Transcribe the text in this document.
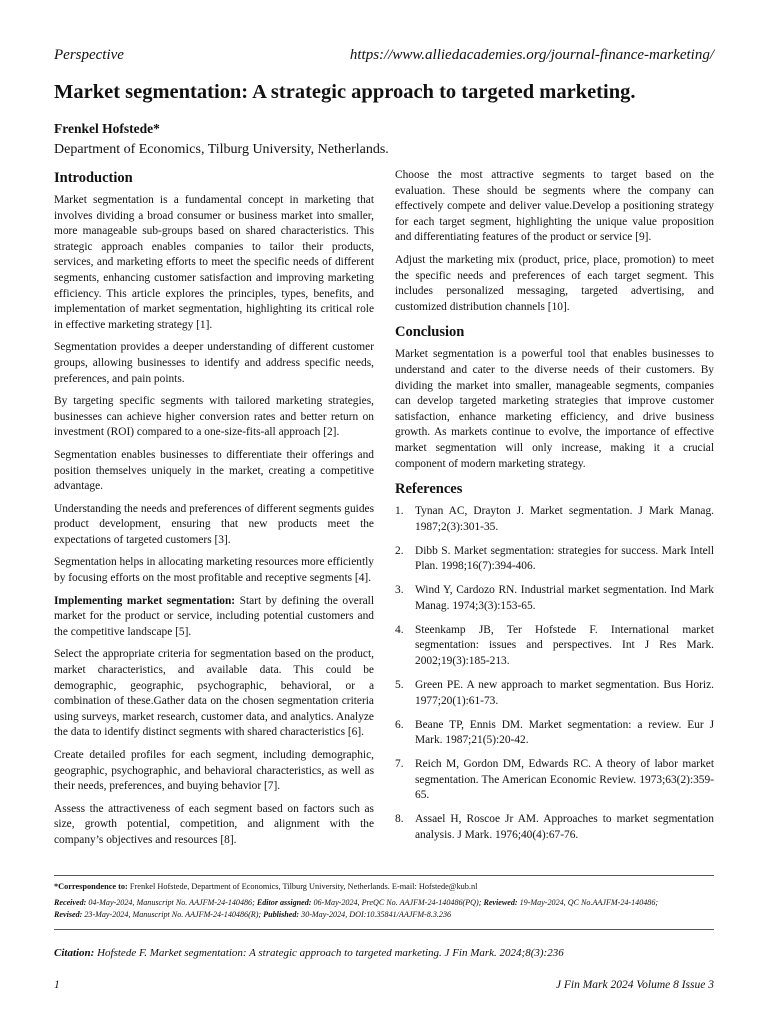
Perspective	https://www.alliedacademies.org/journal-finance-marketing/
Market segmentation: A strategic approach to targeted marketing.
Frenkel Hofstede*
Department of Economics, Tilburg University, Netherlands.
Introduction

Market segmentation is a fundamental concept in marketing that involves dividing a broad consumer or business market into smaller, more manageable sub-groups based on shared characteristics. This strategic approach enables companies to tailor their products, services, and marketing efforts to meet the specific needs of different segments, enhancing customer satisfaction and improving marketing efficiency. This article explores the principles, types, benefits, and implementation of market segmentation, highlighting its critical role in effective marketing strategy [1].

Segmentation provides a deeper understanding of different customer groups, allowing businesses to identify and address specific needs, preferences, and pain points.

By targeting specific segments with tailored marketing strategies, businesses can achieve higher conversion rates and better return on investment (ROI) compared to a one-size-fits-all approach [2].

Segmentation enables businesses to differentiate their offerings and position themselves uniquely in the market, creating a competitive advantage.

Understanding the needs and preferences of different segments guides product development, ensuring that new products meet the expectations of targeted customers [3].

Segmentation helps in allocating marketing resources more efficiently by focusing efforts on the most profitable and receptive segments [4].

Implementing market segmentation: Start by defining the overall market for the product or service, including potential customers and the competitive landscape [5].

Select the appropriate criteria for segmentation based on the product, market characteristics, and available data. This could be demographic, geographic, psychographic, behavioral, or a combination of these.Gather data on the chosen segmentation criteria using surveys, market research, customer data, and analytics. Analyze the data to identify distinct segments with shared characteristics [6].

Create detailed profiles for each segment, including demographic, geographic, psychographic, and behavioral characteristics, as well as their needs, preferences, and buying behavior [7].

Assess the attractiveness of each segment based on factors such as size, growth potential, competition, and alignment with the company’s objectives and resources [8].

Choose the most attractive segments to target based on the evaluation. These should be segments where the company can effectively compete and deliver value.Develop a positioning strategy for each target segment, highlighting the unique value proposition and differentiating features of the product or service [9].

Adjust the marketing mix (product, price, place, promotion) to meet the specific needs and preferences of each target segment. This includes personalized messaging, targeted advertising, and customized distribution channels [10].

Conclusion

Market segmentation is a powerful tool that enables businesses to understand and cater to the diverse needs of their customers. By dividing the market into smaller, manageable segments, companies can develop targeted marketing strategies that improve customer satisfaction, enhance marketing efficiency, and drive business growth. As markets continue to evolve, the importance of effective market segmentation will only increase, making it a crucial component of modern marketing strategy.

References
1. Tynan AC, Drayton J. Market segmentation. J Mark Manag. 1987;2(3):301-35.
2. Dibb S. Market segmentation: strategies for success. Mark Intell Plan. 1998;16(7):394-406.
3. Wind Y, Cardozo RN. Industrial market segmentation. Ind Mark Manag. 1974;3(3):153-65.
4. Steenkamp JB, Ter Hofstede F. International market segmentation: issues and perspectives. Int J Res Mark. 2002;19(3):185-213.
5. Green PE. A new approach to market segmentation. Bus Horiz. 1977;20(1):61-73.
6. Beane TP, Ennis DM. Market segmentation: a review. Eur J Mark. 1987;21(5):20-42.
7. Reich M, Gordon DM, Edwards RC. A theory of labor market segmentation. The American Economic Review. 1973;63(2):359-65.
8. Assael H, Roscoe Jr AM. Approaches to market segmentation analysis. J Mark. 1976;40(4):67-76.
*Correspondence to: Frenkel Hofstede, Department of Economics, Tilburg University, Netherlands. E-mail: Hofstede@kub.nl
Received: 04-May-2024, Manuscript No. AAJFM-24-140486; Editor assigned: 06-May-2024, PreQC No. AAJFM-24-140486(PQ); Reviewed: 19-May-2024, QC No.AAJFM-24-140486;
Revised: 23-May-2024, Manuscript No. AAJFM-24-140486(R); Published: 30-May-2024, DOI:10.35841/AAJFM-8.3.236
Citation: Hofstede F. Market segmentation: A strategic approach to targeted marketing. J Fin Mark. 2024;8(3):236
1	J Fin Mark 2024 Volume 8 Issue 3
